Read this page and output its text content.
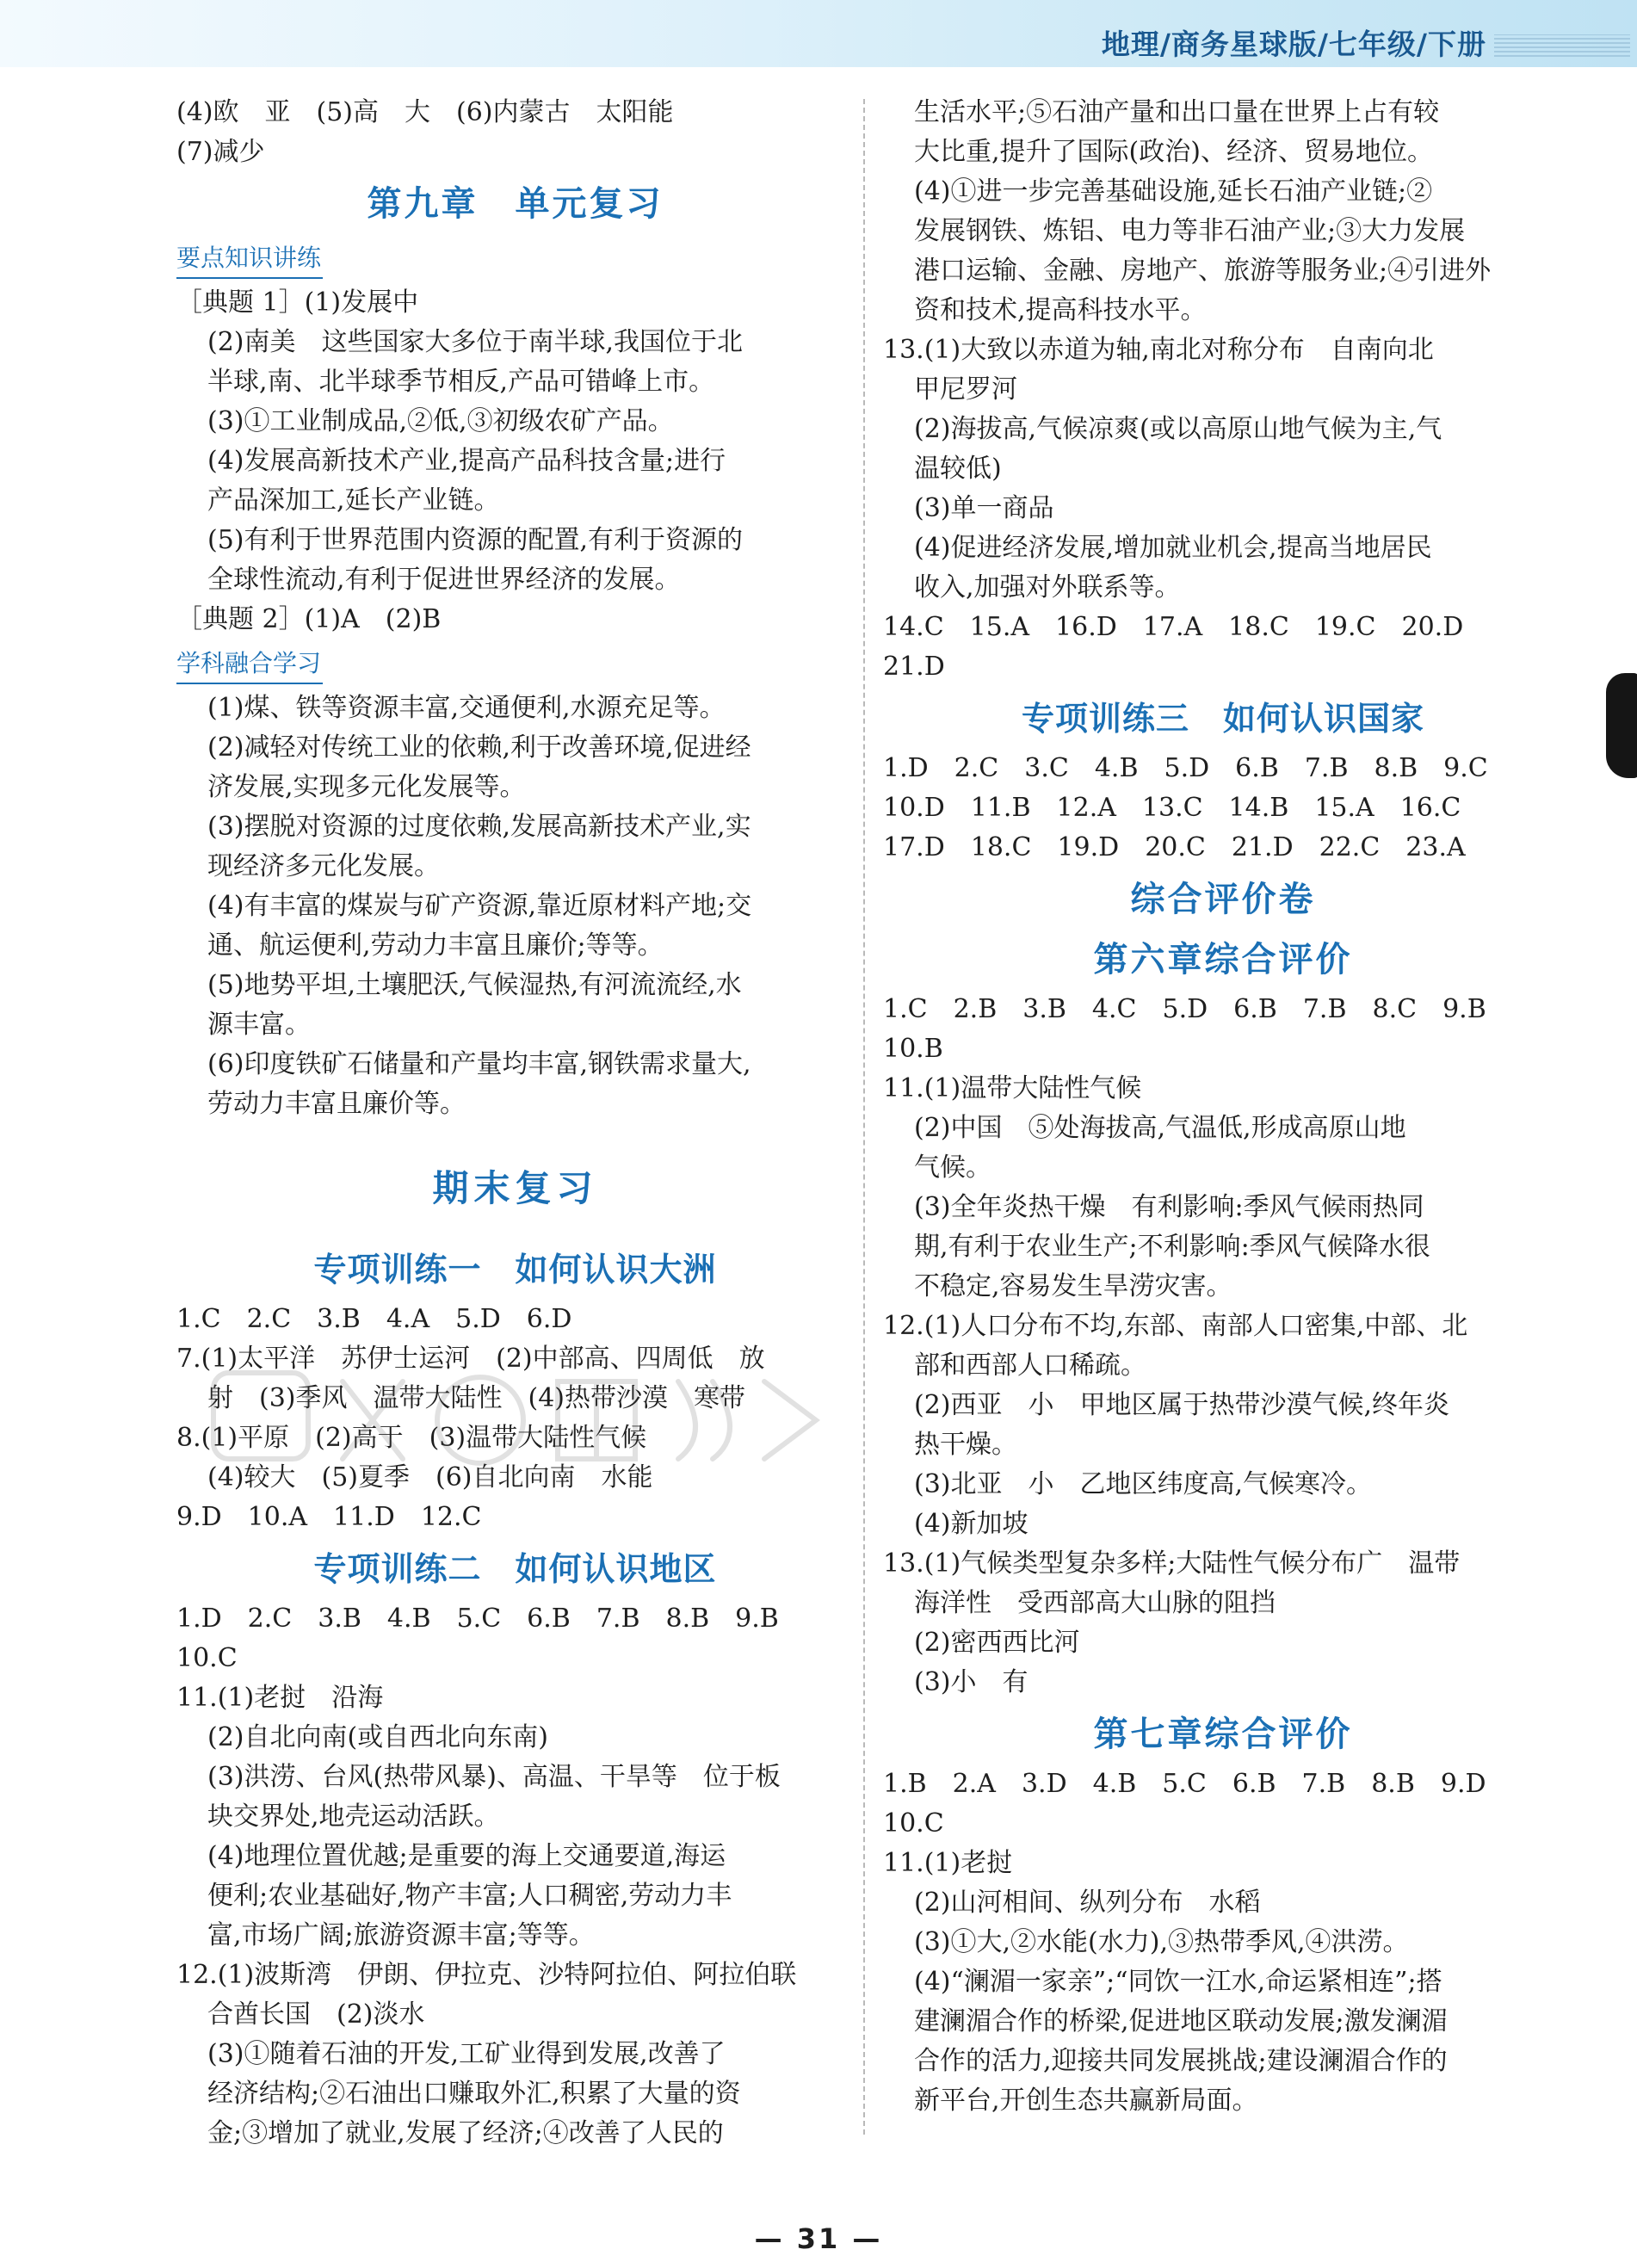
地理/商务星球版/七年级/下册
(4)欧　亚　(5)高　大　(6)内蒙古　太阳能
(7)减少
第九章　单元复习
要点知识讲练
［典题 1］(1)发展中
(2)南美　这些国家大多位于南半球,我国位于北
半球,南、北半球季节相反,产品可错峰上市。
(3)①工业制成品,②低,③初级农矿产品。
(4)发展高新技术产业,提高产品科技含量;进行
产品深加工,延长产业链。
(5)有利于世界范围内资源的配置,有利于资源的
全球性流动,有利于促进世界经济的发展。
［典题 2］(1)A　(2)B
学科融合学习
(1)煤、铁等资源丰富,交通便利,水源充足等。
(2)减轻对传统工业的依赖,利于改善环境,促进经
济发展,实现多元化发展等。
(3)摆脱对资源的过度依赖,发展高新技术产业,实
现经济多元化发展。
(4)有丰富的煤炭与矿产资源,靠近原材料产地;交
通、航运便利,劳动力丰富且廉价;等等。
(5)地势平坦,土壤肥沃,气候湿热,有河流流经,水
源丰富。
(6)印度铁矿石储量和产量均丰富,钢铁需求量大,
劳动力丰富且廉价等。
期末复习
专项训练一　如何认识大洲
1.C　2.C　3.B　4.A　5.D　6.D
7.(1)太平洋　苏伊士运河　(2)中部高、四周低　放
射　(3)季风　温带大陆性　(4)热带沙漠　寒带
8.(1)平原　(2)高于　(3)温带大陆性气候
(4)较大　(5)夏季　(6)自北向南　水能
9.D　10.A　11.D　12.C
专项训练二　如何认识地区
1.D　2.C　3.B　4.B　5.C　6.B　7.B　8.B　9.B
10.C
11.(1)老挝　沿海
(2)自北向南(或自西北向东南)
(3)洪涝、台风(热带风暴)、高温、干旱等　位于板
块交界处,地壳运动活跃。
(4)地理位置优越;是重要的海上交通要道,海运
便利;农业基础好,物产丰富;人口稠密,劳动力丰
富,市场广阔;旅游资源丰富;等等。
12.(1)波斯湾　伊朗、伊拉克、沙特阿拉伯、阿拉伯联
合酋长国　(2)淡水
(3)①随着石油的开发,工矿业得到发展,改善了
经济结构;②石油出口赚取外汇,积累了大量的资
金;③增加了就业,发展了经济;④改善了人民的
生活水平;⑤石油产量和出口量在世界上占有较
大比重,提升了国际(政治)、经济、贸易地位。
(4)①进一步完善基础设施,延长石油产业链;②
发展钢铁、炼铝、电力等非石油产业;③大力发展
港口运输、金融、房地产、旅游等服务业;④引进外
资和技术,提高科技水平。
13.(1)大致以赤道为轴,南北对称分布　自南向北
甲尼罗河
(2)海拔高,气候凉爽(或以高原山地气候为主,气
温较低)
(3)单一商品
(4)促进经济发展,增加就业机会,提高当地居民
收入,加强对外联系等。
14.C　15.A　16.D　17.A　18.C　19.C　20.D
21.D
专项训练三　如何认识国家
1.D　2.C　3.C　4.B　5.D　6.B　7.B　8.B　9.C
10.D　11.B　12.A　13.C　14.B　15.A　16.C
17.D　18.C　19.D　20.C　21.D　22.C　23.A
综合评价卷
第六章综合评价
1.C　2.B　3.B　4.C　5.D　6.B　7.B　8.C　9.B
10.B
11.(1)温带大陆性气候
(2)中国　⑤处海拔高,气温低,形成高原山地
气候。
(3)全年炎热干燥　有利影响:季风气候雨热同
期,有利于农业生产;不利影响:季风气候降水很
不稳定,容易发生旱涝灾害。
12.(1)人口分布不均,东部、南部人口密集,中部、北
部和西部人口稀疏。
(2)西亚　小　甲地区属于热带沙漠气候,终年炎
热干燥。
(3)北亚　小　乙地区纬度高,气候寒冷。
(4)新加坡
13.(1)气候类型复杂多样;大陆性气候分布广　温带
海洋性　受西部高大山脉的阻挡
(2)密西西比河
(3)小　有
第七章综合评价
1.B　2.A　3.D　4.B　5.C　6.B　7.B　8.B　9.D
10.C
11.(1)老挝
(2)山河相间、纵列分布　水稻
(3)①大,②水能(水力),③热带季风,④洪涝。
(4)“澜湄一家亲”;“同饮一江水,命运紧相连”;搭
建澜湄合作的桥梁,促进地区联动发展;激发澜湄
合作的活力,迎接共同发展挑战;建设澜湄合作的
新平台,开创生态共赢新局面。
— 31 —
